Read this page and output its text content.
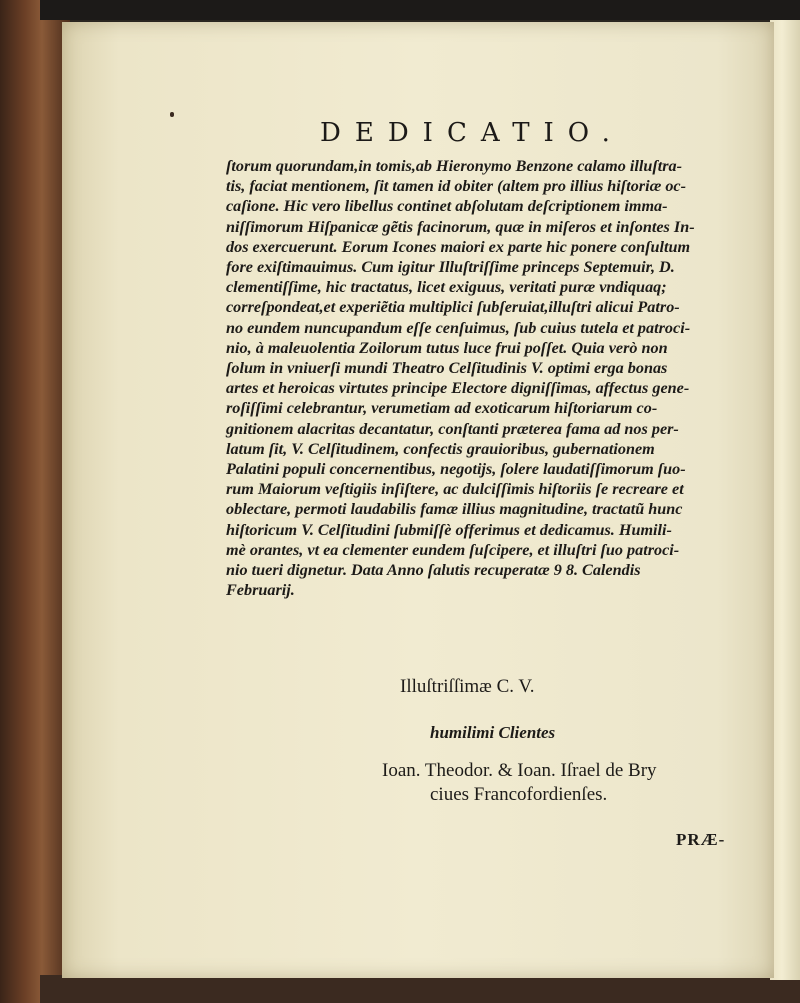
DEDICATIO.
ſtorum quorundam,in tomis,ab Hieronymo Benzone calamo illuſtra-
tis, faciat mentionem, ſit tamen id obiter (altem pro illius hiſtoriæ oc-
caſione. Hic vero libellus continet abſolutam deſcriptionem imma-
niſſimorum Hiſpanicæ gẽtis facinorum, quæ in miſeros et inſontes In-
dos exercuerunt. Eorum Icones maiori ex parte hic ponere conſultum
fore exiſtimauimus. Cum igitur Illuſtriſſime princeps Septemuir, D.
clementiſſime, hic tractatus, licet exiguus, veritati puræ vndiquaq;
correſpondeat,et experiẽtia multiplici ſubſeruiat,illuſtri alicui Patro-
no eundem nuncupandum eſſe cenſuimus, ſub cuius tutela et patroci-
nio, à maleuolentia Zoilorum tutus luce frui poſſet. Quia verò non
ſolum in vniuerſi mundi Theatro Celſitudinis V. optimi erga bonas
artes et heroicas virtutes principe Electore digniſſimas, affectus gene-
roſiſſimi celebrantur, verumetiam ad exoticarum hiſtoriarum co-
gnitionem alacritas decantatur, conſtanti præterea fama ad nos per-
latum ſit, V. Celſitudinem, confectis grauioribus, gubernationem
Palatini populi concernentibus, negotijs, ſolere laudatiſſimorum ſuo-
rum Maiorum veſtigiis inſiſtere, ac dulciſſimis hiſtoriis ſe recreare et
oblectare, permoti laudabilis famæ illius magnitudine, tractatũ hunc
hiſtoricum V. Celſitudini ſubmiſſè offerimus et dedicamus. Humili-
mè orantes, vt ea clementer eundem ſuſcipere, et illuſtri ſuo patroci-
nio tueri dignetur. Data Anno ſalutis recuperatæ 9 8. Calendis
Februarij.
Illuſtriſſimæ C. V.
humilimi Clientes
Ioan. Theodor. & Ioan. Iſrael de Bry
ciues Francofordienſes.
PRÆ-
